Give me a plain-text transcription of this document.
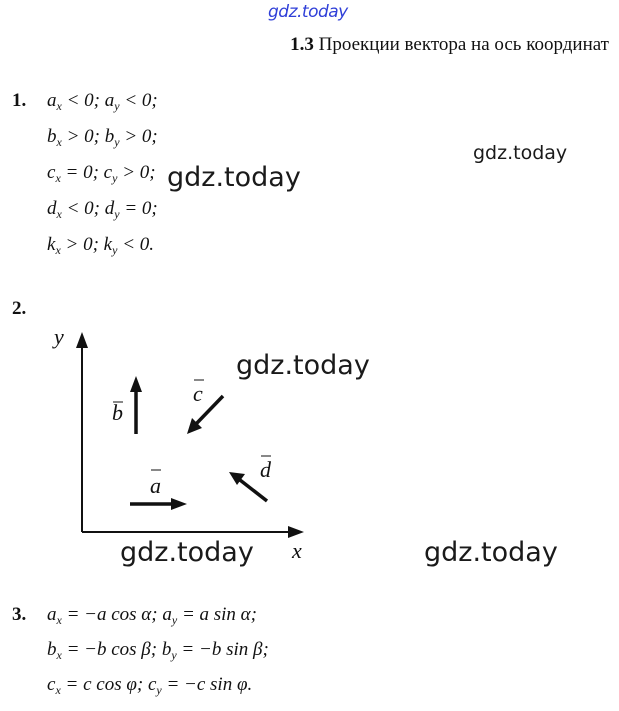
gdz.today
gdz.today
gdz.today
gdz.today
gdz.today	gdz.today
1.3 Проекции вектора на ось координат
1. $a_x < 0$; $a_y < 0$;
$b_x > 0$; $b_y > 0$;
$c_x = 0$; $c_y > 0$;
$d_x < 0$; $d_y = 0$;
$k_x > 0$; $k_y < 0$.
2.
y
x
b
c
d
a
3. $a_x = -a$ cos α; $a_y = a$ sin α;
$b_x = -b$ cos β; $b_y = -b$ sin β;
$c_x = c$ cos φ; $c_y = -c$ sin φ.
